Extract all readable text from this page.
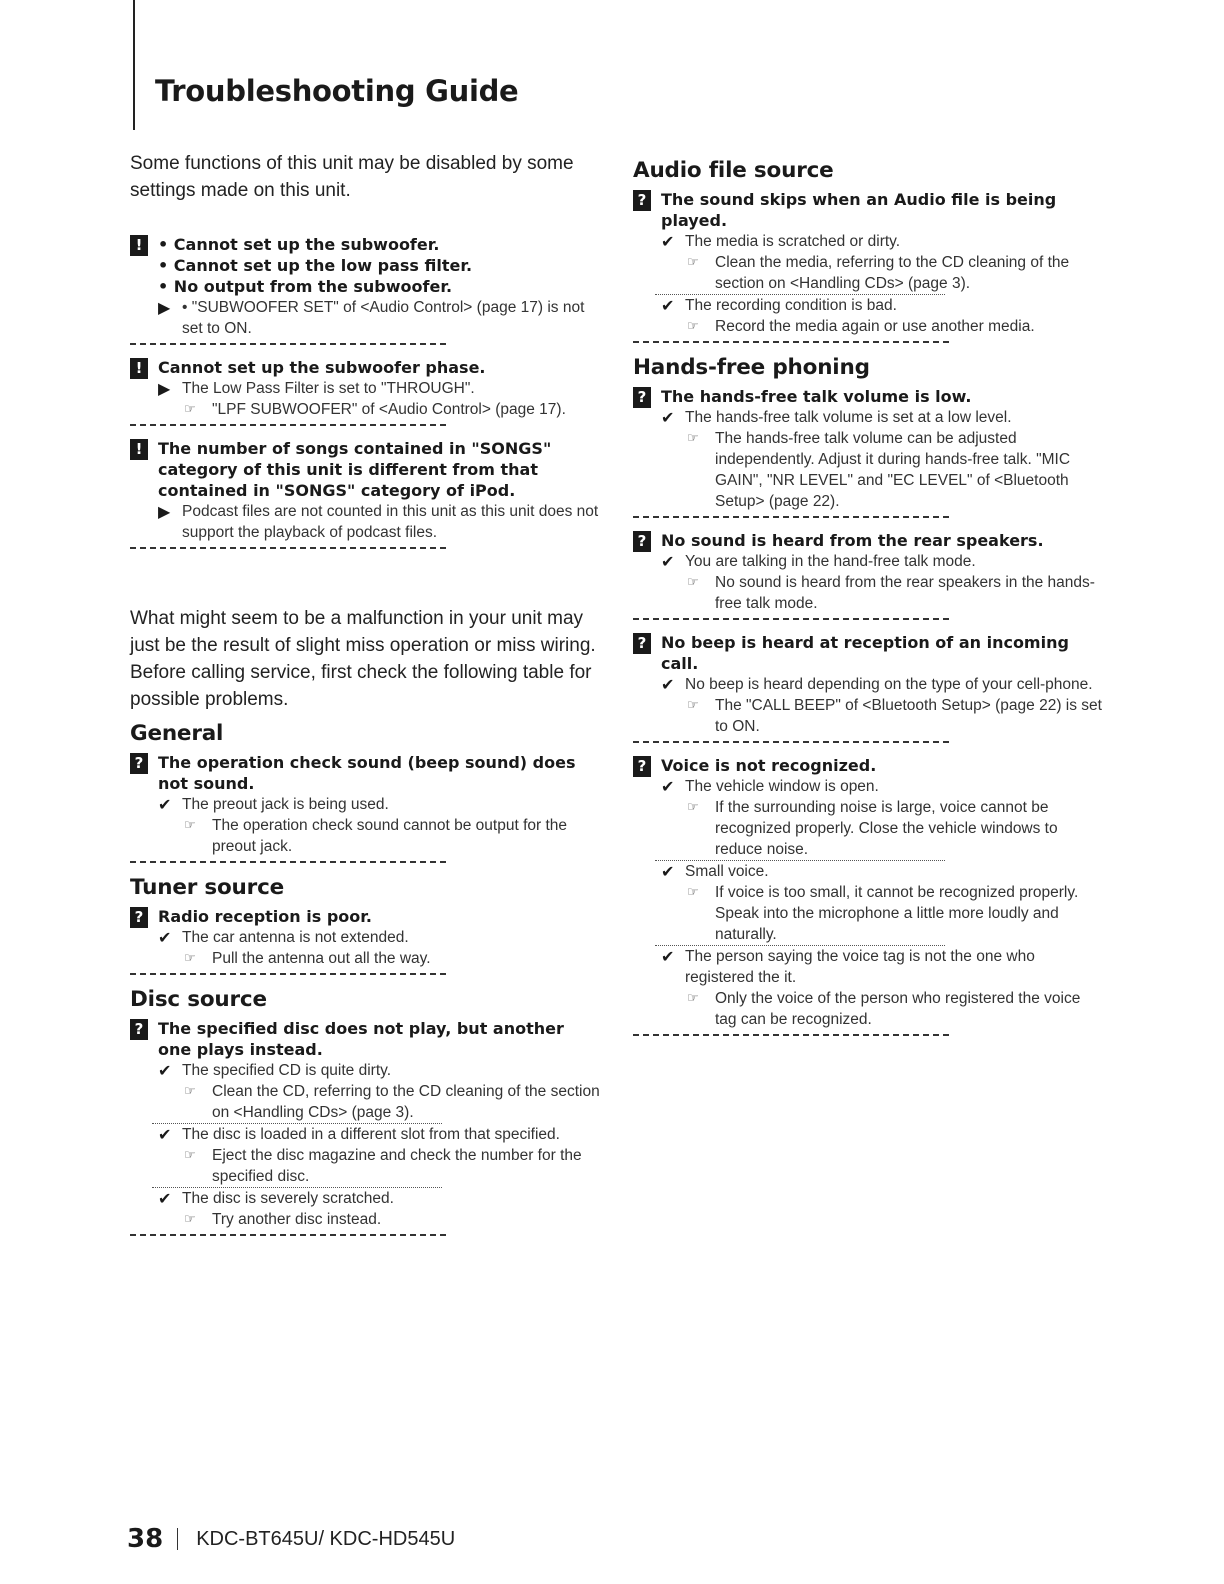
Troubleshooting Guide

Some functions of this unit may be disabled by some settings made on this unit.

! • Cannot set up the subwoofer.
• Cannot set up the low pass filter.
• No output from the subwoofer.
▶ • "SUBWOOFER SET" of <Audio Control> (page 17) is not set to ON.
! Cannot set up the subwoofer phase.
▶ The Low Pass Filter is set to "THROUGH".
☞ "LPF SUBWOOFER" of <Audio Control> (page 17).
! The number of songs contained in "SONGS" category of this unit is different from that contained in "SONGS" category of iPod.
▶ Podcast files are not counted in this unit as this unit does not support the playback of podcast files.

What might seem to be a malfunction in your unit may just be the result of slight miss operation or miss wiring. Before calling service, first check the following table for possible problems.

General
? The operation check sound (beep sound) does not sound.
✔ The preout jack is being used.
☞ The operation check sound cannot be output for the preout jack.
Tuner source
? Radio reception is poor.
✔ The car antenna is not extended.
☞ Pull the antenna out all the way.
Disc source
? The specified disc does not play, but another one plays instead.
✔ The specified CD is quite dirty.
☞ Clean the CD, referring to the CD cleaning of the section on <Handling CDs> (page 3).
✔ The disc is loaded in a different slot from that specified.
☞ Eject the disc magazine and check the number for the specified disc.
✔ The disc is severely scratched.
☞ Try another disc instead.
Audio file source
? The sound skips when an Audio file is being played.
✔ The media is scratched or dirty.
☞ Clean the media, referring to the CD cleaning of the section on <Handling CDs> (page 3).
✔ The recording condition is bad.
☞ Record the media again or use another media.
Hands-free phoning
? The hands-free talk volume is low.
✔ The hands-free talk volume is set at a low level.
☞ The hands-free talk volume can be adjusted independently. Adjust it during hands-free talk. "MIC GAIN", "NR LEVEL" and "EC LEVEL" of <Bluetooth Setup> (page 22).
? No sound is heard from the rear speakers.
✔ You are talking in the hand-free talk mode.
☞ No sound is heard from the rear speakers in the hands-free talk mode.
? No beep is heard at reception of an incoming call.
✔ No beep is heard depending on the type of your cell-phone.
☞ The "CALL BEEP" of <Bluetooth Setup> (page 22) is set to ON.
? Voice is not recognized.
✔ The vehicle window is open.
☞ If the surrounding noise is large, voice cannot be recognized properly. Close the vehicle windows to reduce noise.
✔ Small voice.
☞ If voice is too small, it cannot be recognized properly. Speak into the microphone a little more loudly and naturally.
✔ The person saying the voice tag is not the one who registered the it.
☞ Only the voice of the person who registered the voice tag can be recognized.
38 KDC-BT645U/ KDC-HD545U
